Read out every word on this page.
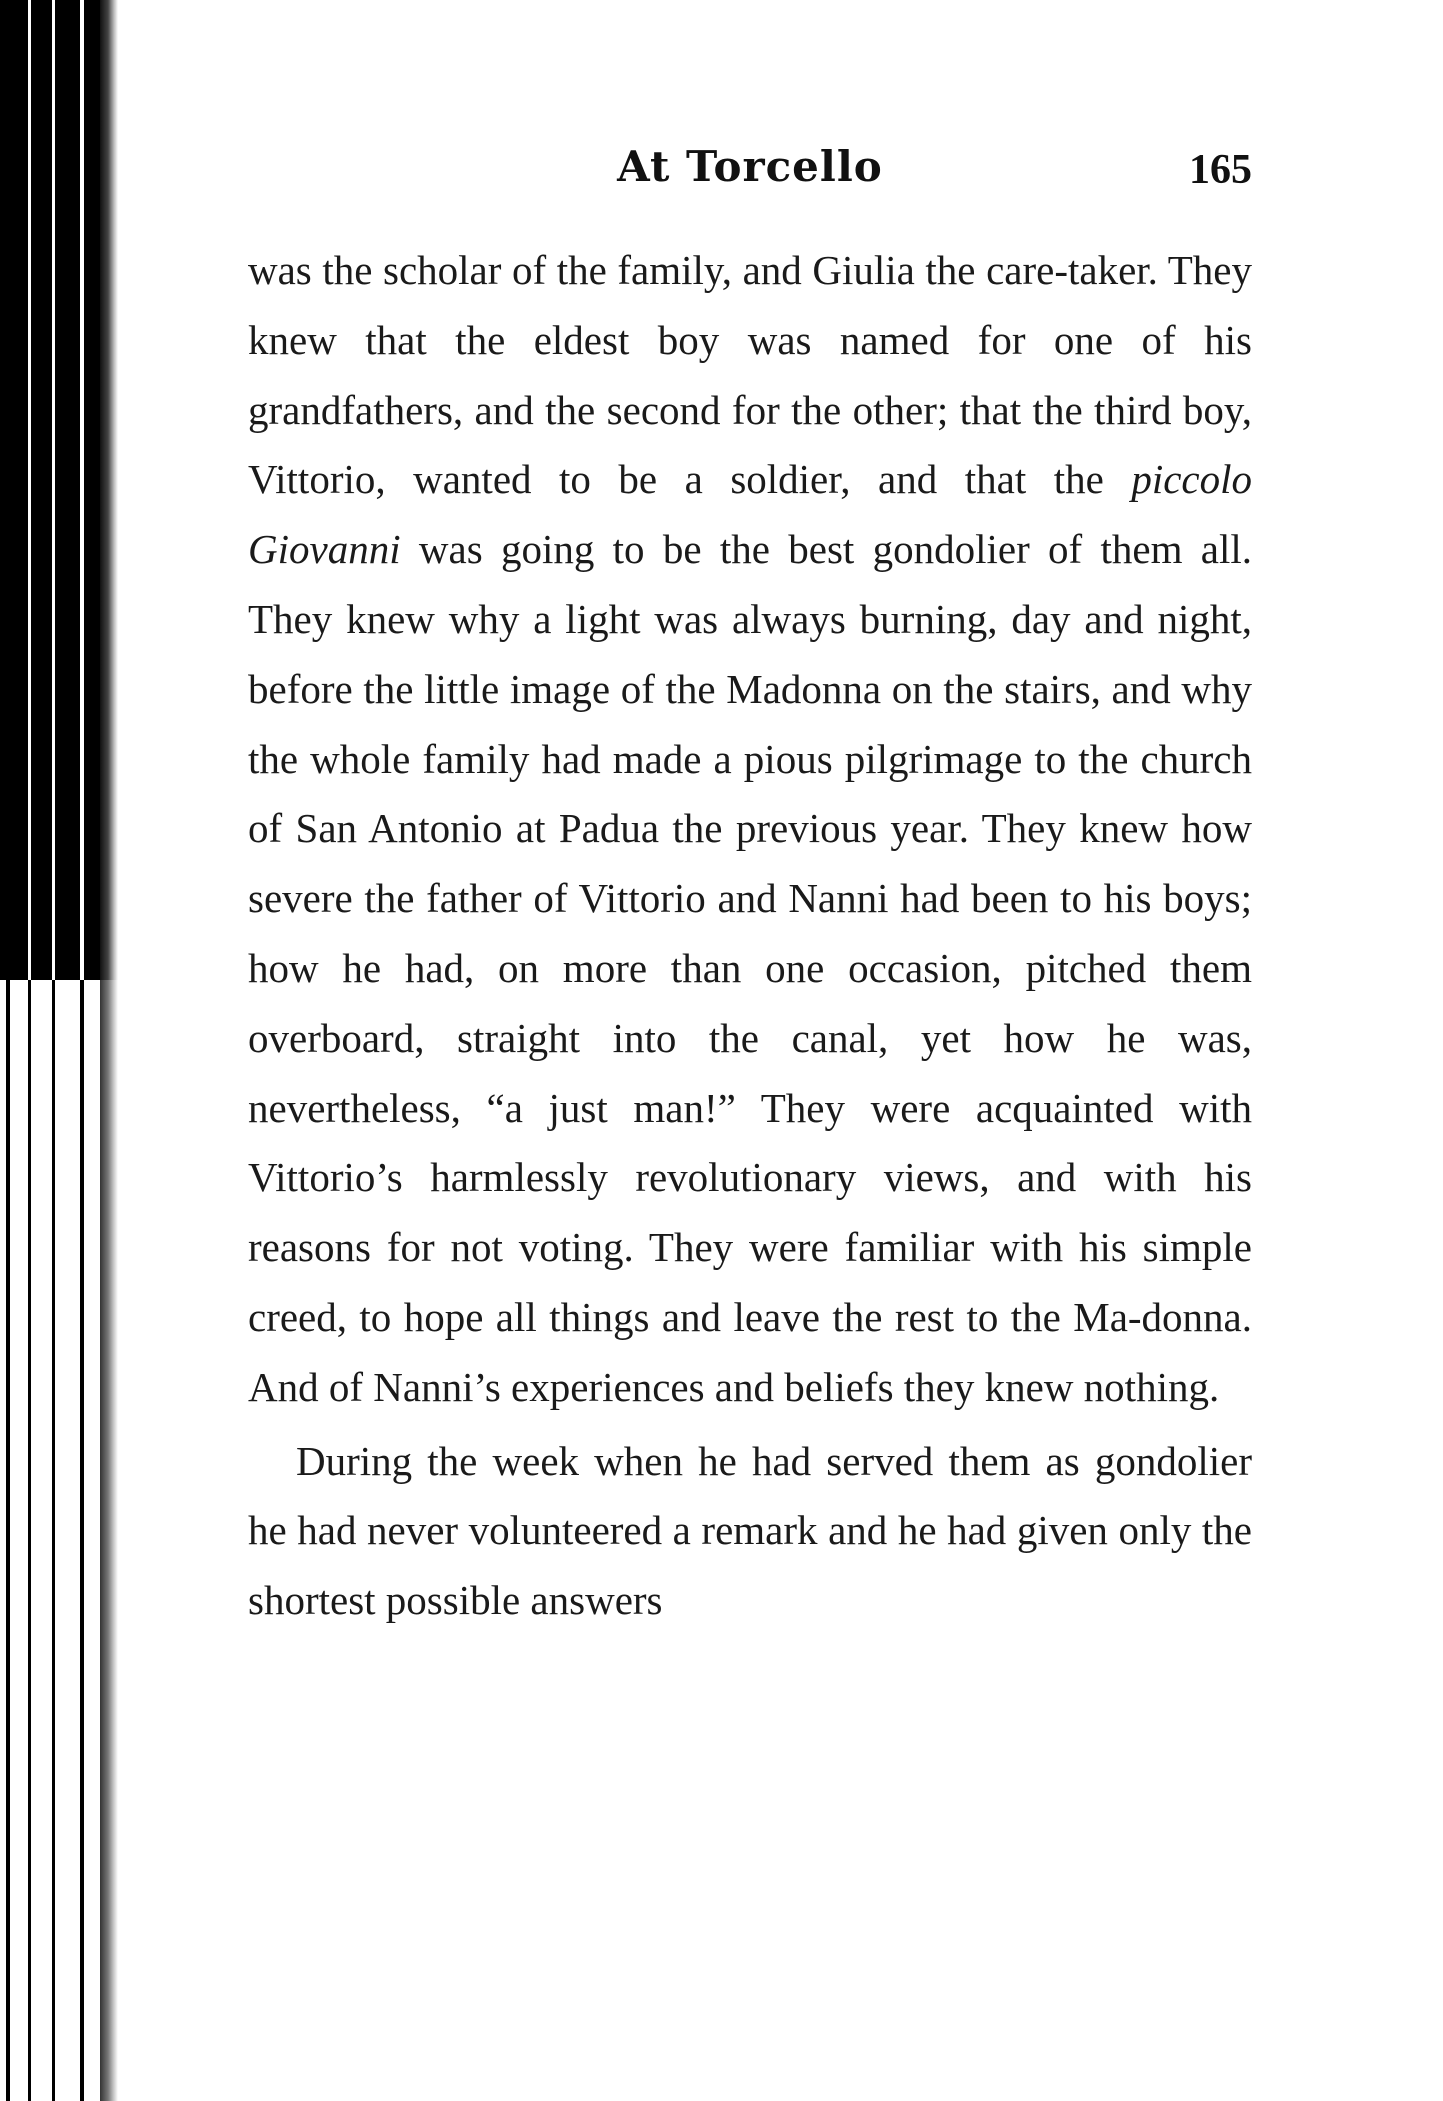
At Torcello	165

was the scholar of the family, and Giulia the care-taker. They knew that the eldest boy was named for one of his grandfathers, and the second for the other; that the third boy, Vittorio, wanted to be a soldier, and that the piccolo Giovanni was going to be the best gondolier of them all. They knew why a light was always burning, day and night, before the little image of the Madonna on the stairs, and why the whole family had made a pious pilgrimage to the church of San Antonio at Padua the previous year. They knew how severe the father of Vittorio and Nanni had been to his boys; how he had, on more than one occasion, pitched them overboard, straight into the canal, yet how he was, nevertheless, “a just man!” They were acquainted with Vittorio’s harmlessly revolutionary views, and with his reasons for not voting. They were familiar with his simple creed, to hope all things and leave the rest to the Ma-donna. And of Nanni’s experiences and beliefs they knew nothing.

During the week when he had served them as gondolier he had never volunteered a remark and he had given only the shortest possible answers
